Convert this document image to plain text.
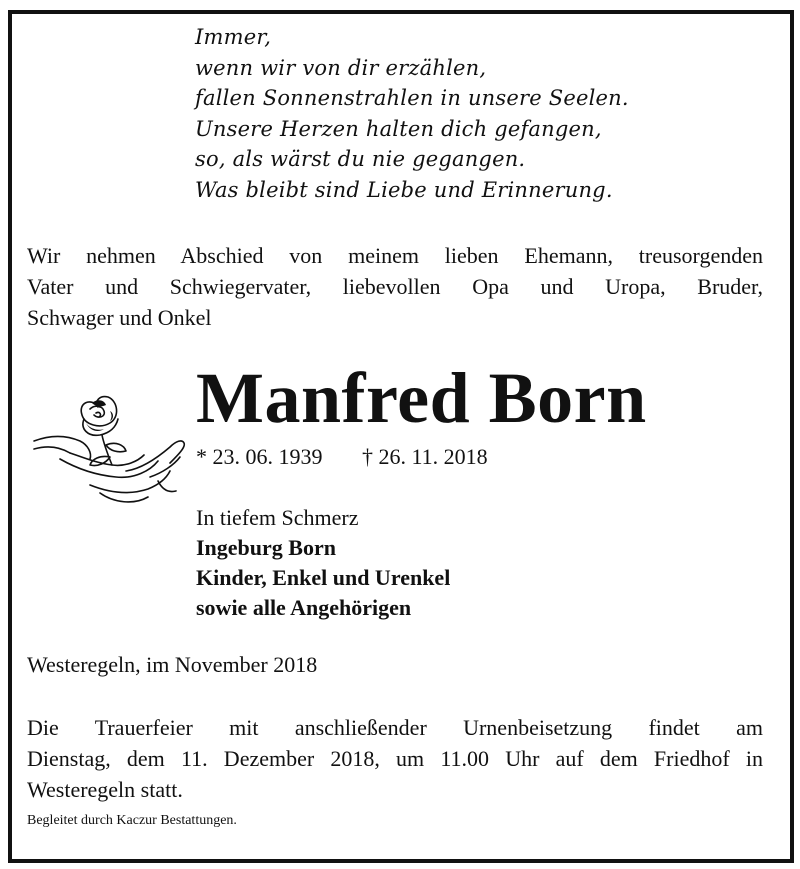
Immer,
wenn wir von dir erzählen,
fallen Sonnenstrahlen in unsere Seelen.
Unsere Herzen halten dich gefangen,
so, als wärst du nie gegangen.
Was bleibt sind Liebe und Erinnerung.
Wir nehmen Abschied von meinem lieben Ehemann, treusorgenden
Vater und Schwiegervater, liebevollen Opa und Uropa, Bruder,
Schwager und Onkel
Manfred Born
* 23. 06. 1939 † 26. 11. 2018
In tiefem Schmerz
Ingeburg Born
Kinder, Enkel und Urenkel
sowie alle Angehörigen
Westeregeln, im November 2018
Die Trauerfeier mit anschließender Urnenbeisetzung findet am
Dienstag, dem 11. Dezember 2018, um 11.00 Uhr auf dem Friedhof in
Westeregeln statt.
Begleitet durch Kaczur Bestattungen.
